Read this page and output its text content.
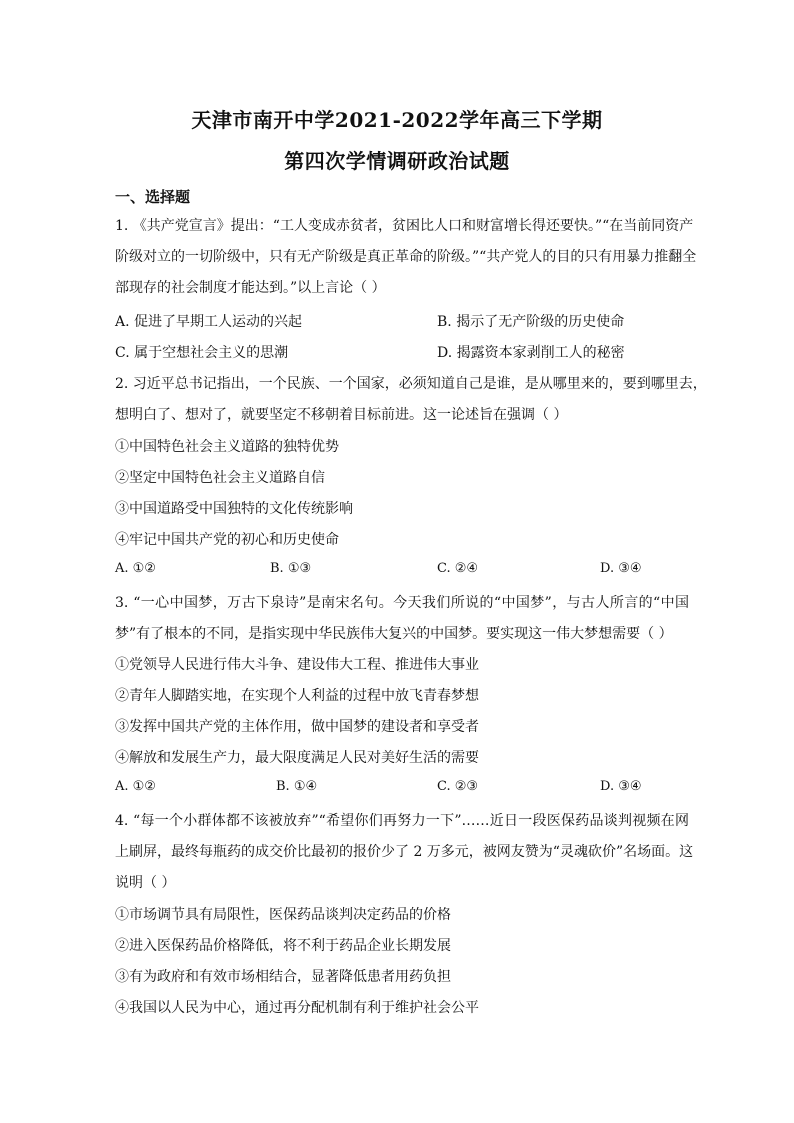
天津市南开中学2021-2022学年高三下学期
第四次学情调研政治试题
一、选择题
1. 《共产党宣言》提出：“工人变成赤贫者，贫困比人口和财富增长得还要快。”“在当前同资产
阶级对立的一切阶级中，只有无产阶级是真正革命的阶级。”“共产党人的目的只有用暴力推翻全
部现存的社会制度才能达到。”以上言论（ ）
A. 促进了早期工人运动的兴起	B. 揭示了无产阶级的历史使命
C. 属于空想社会主义的思潮	D. 揭露资本家剥削工人的秘密
2. 习近平总书记指出，一个民族、一个国家，必须知道自己是谁，是从哪里来的，要到哪里去，
想明白了、想对了，就要坚定不移朝着目标前进。这一论述旨在强调（ ）
①中国特色社会主义道路的独特优势
②坚定中国特色社会主义道路自信
③中国道路受中国独特的文化传统影响
④牢记中国共产党的初心和历史使命
A. ①②	B. ①③	C. ②④	D. ③④
3. “一心中国梦，万古下泉诗”是南宋名句。今天我们所说的“中国梦”，与古人所言的“中国
梦”有了根本的不同，是指实现中华民族伟大复兴的中国梦。要实现这一伟大梦想需要（ ）
①党领导人民进行伟大斗争、建设伟大工程、推进伟大事业
②青年人脚踏实地，在实现个人利益的过程中放飞青春梦想
③发挥中国共产党的主体作用，做中国梦的建设者和享受者
④解放和发展生产力，最大限度满足人民对美好生活的需要
A. ①②	B. ①④	C. ②③	D. ③④
4. “每一个小群体都不该被放弃”“希望你们再努力一下”……近日一段医保药品谈判视频在网
上刷屏，最终每瓶药的成交价比最初的报价少了 2 万多元，被网友赞为“灵魂砍价”名场面。这
说明（ ）
①市场调节具有局限性，医保药品谈判决定药品的价格
②进入医保药品价格降低，将不利于药品企业长期发展
③有为政府和有效市场相结合，显著降低患者用药负担
④我国以人民为中心，通过再分配机制有利于维护社会公平
